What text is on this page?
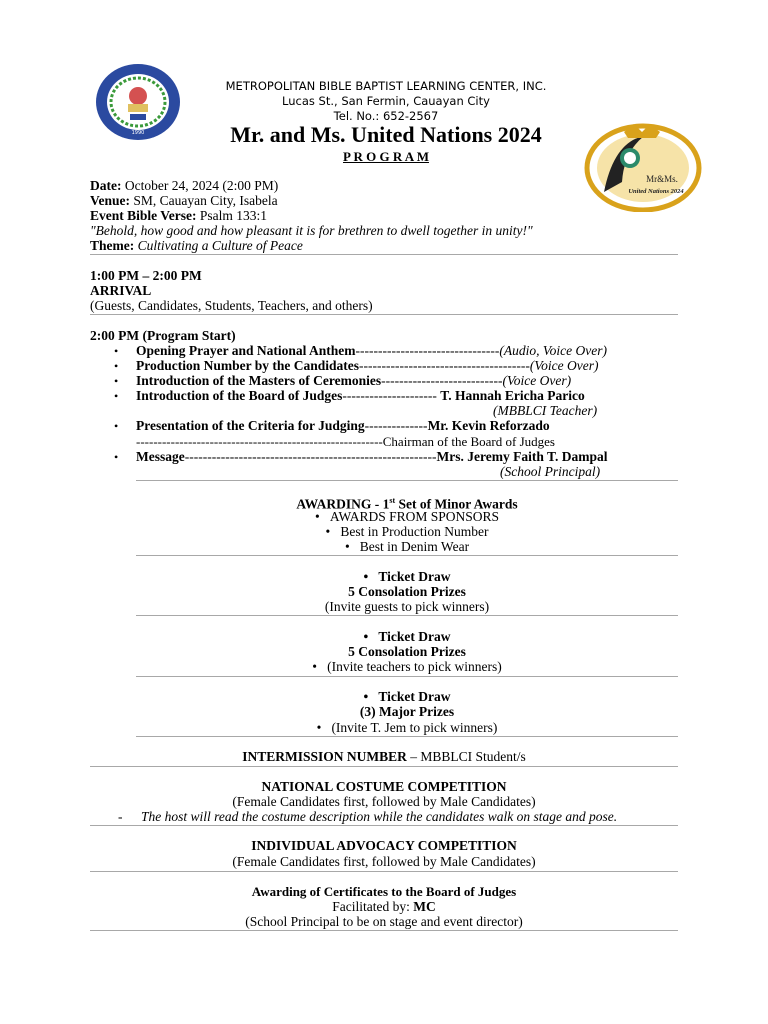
1990
Mr&Ms.
United Nations 2024
METROPOLITAN BIBLE BAPTIST LEARNING CENTER, INC.
Lucas St., San Fermin, Cauayan City
Tel. No.: 652-2567
Mr. and Ms. United Nations 2024
P R O G R A M
Date: October 24, 2024 (2:00 PM)
Venue: SM, Cauayan City, Isabela
Event Bible Verse: Psalm 133:1
"Behold, how good and how pleasant it is for brethren to dwell together in unity!"
Theme: Cultivating a Culture of Peace
1:00 PM – 2:00 PM
ARRIVAL
(Guests, Candidates, Students, Teachers, and others)
2:00 PM (Program Start)
• Opening Prayer and National Anthem--------------------------------(Audio, Voice Over)
• Production Number by the Candidates--------------------------------------(Voice Over)
• Introduction of the Masters of Ceremonies---------------------------(Voice Over)
• Introduction of the Board of Judges--------------------- T. Hannah Ericha Parico
(MBBLCI Teacher)
• Presentation of the Criteria for Judging--------------Mr. Kevin Reforzado
---------------------------------------------------------Chairman of the Board of Judges
• Message--------------------------------------------------------Mrs. Jeremy Faith T. Dampal
(School Principal)
AWARDING - 1st Set of Minor Awards
•   AWARDS FROM SPONSORS
•   Best in Production Number
•   Best in Denim Wear
•   Ticket Draw
5 Consolation Prizes
(Invite guests to pick winners)
•   Ticket Draw
5 Consolation Prizes
•   (Invite teachers to pick winners)
•   Ticket Draw
(3) Major Prizes
•   (Invite T. Jem to pick winners)
INTERMISSION NUMBER – MBBLCI Student/s
NATIONAL COSTUME COMPETITION
(Female Candidates first, followed by Male Candidates)
- The host will read the costume description while the candidates walk on stage and pose.
INDIVIDUAL ADVOCACY COMPETITION
(Female Candidates first, followed by Male Candidates)
Awarding of Certificates to the Board of Judges
Facilitated by: MC
(School Principal to be on stage and event director)
